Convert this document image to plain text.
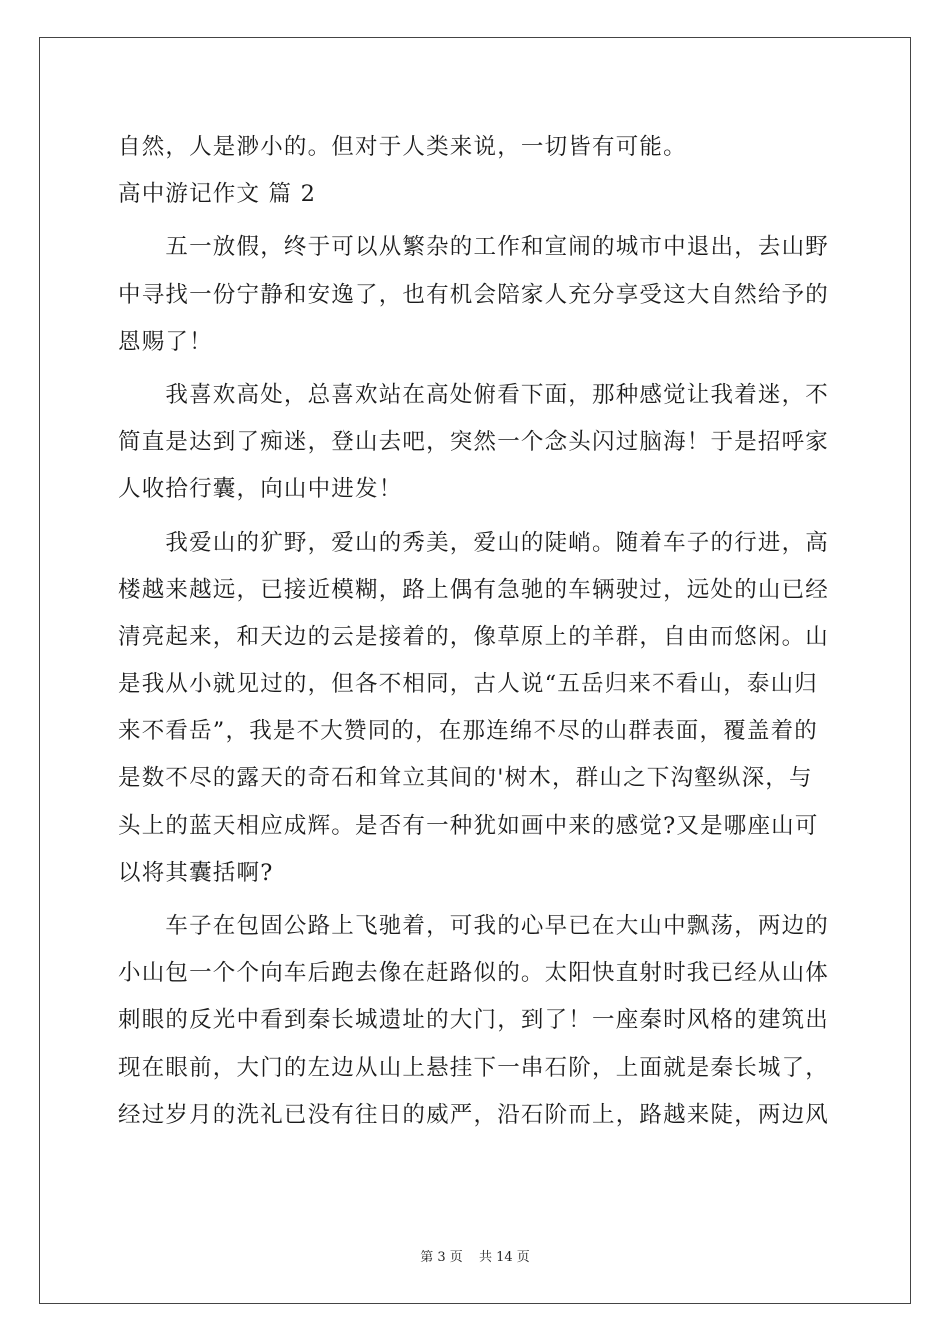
自然，人是渺小的。但对于人类来说，一切皆有可能。
高中游记作文 篇 2
　　五一放假，终于可以从繁杂的工作和宣闹的城市中退出，去山野
中寻找一份宁静和安逸了，也有机会陪家人充分享受这大自然给予的
恩赐了！
　　我喜欢高处，总喜欢站在高处俯看下面，那种感觉让我着迷，不
简直是达到了痴迷，登山去吧，突然一个念头闪过脑海！于是招呼家
人收拾行囊，向山中进发！
　　我爱山的犷野，爱山的秀美，爱山的陡峭。随着车子的行进，高
楼越来越远，已接近模糊，路上偶有急驰的车辆驶过，远处的山已经
清亮起来，和天边的云是接着的，像草原上的羊群，自由而悠闲。山
是我从小就见过的，但各不相同，古人说“五岳归来不看山，泰山归
来不看岳”，我是不大赞同的，在那连绵不尽的山群表面，覆盖着的
是数不尽的露天的奇石和耸立其间的'树木，群山之下沟壑纵深，与
头上的蓝天相应成辉。是否有一种犹如画中来的感觉?又是哪座山可
以将其囊括啊?
　　车子在包固公路上飞驰着，可我的心早已在大山中飘荡，两边的
小山包一个个向车后跑去像在赶路似的。太阳快直射时我已经从山体
刺眼的反光中看到秦长城遗址的大门，到了！一座秦时风格的建筑出
现在眼前，大门的左边从山上悬挂下一串石阶，上面就是秦长城了，
经过岁月的洗礼已没有往日的威严，沿石阶而上，路越来陡，两边风
第 3 页 共 14 页
